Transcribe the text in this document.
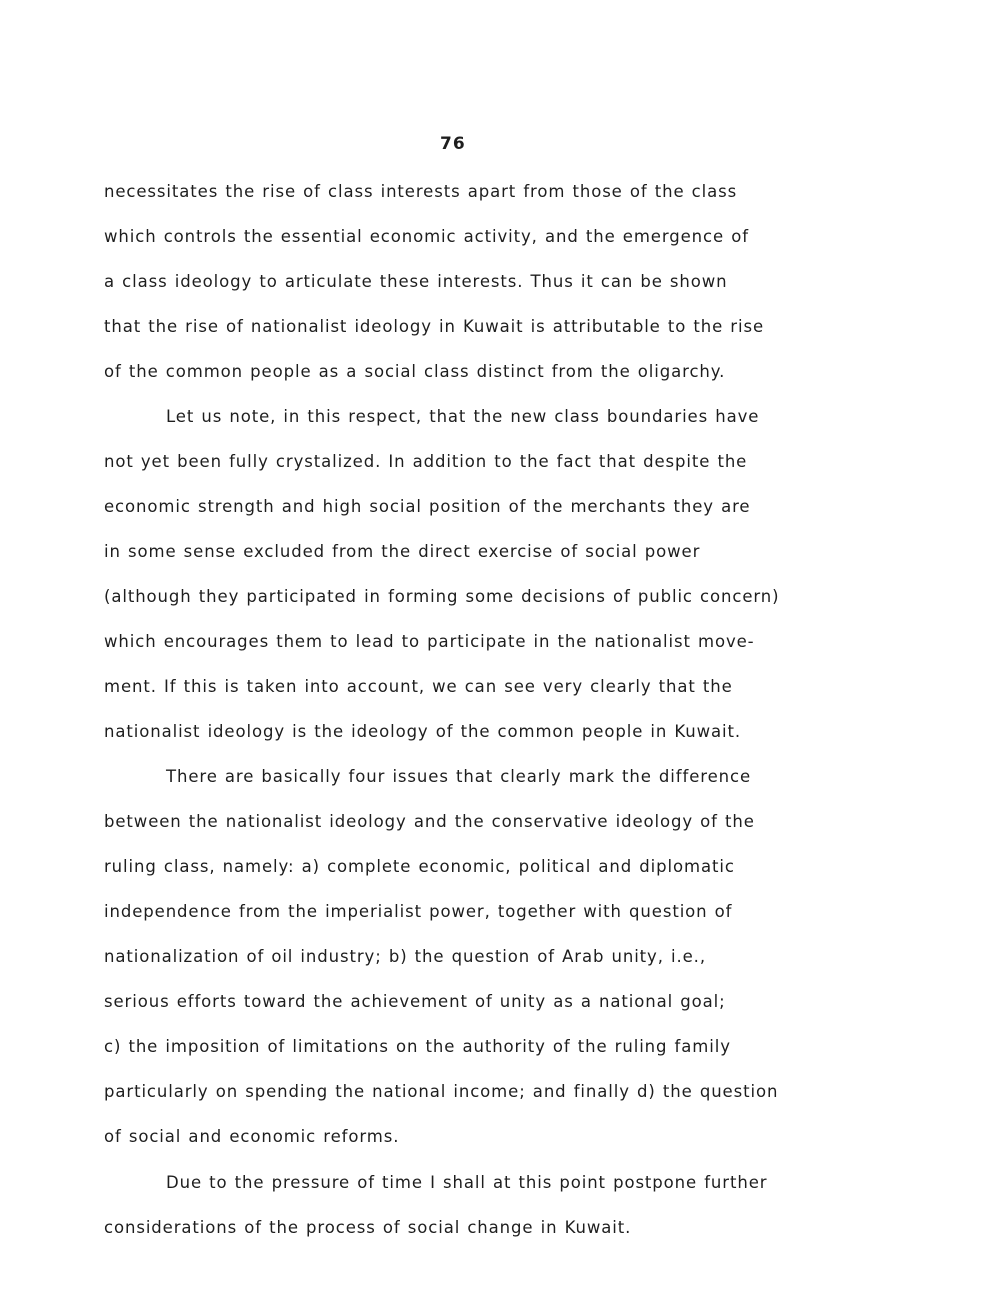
76
necessitates the rise of class interests apart from those of the class
which controls the essential economic activity, and the emergence of
a class ideology to articulate these interests. Thus it can be shown
that the rise of nationalist ideology in Kuwait is attributable to the rise
of the common people as a social class distinct from the oligarchy.
Let us note, in this respect, that the new class boundaries have
not yet been fully crystalized. In addition to the fact that despite the
economic strength and high social position of the merchants they are
in some sense excluded from the direct exercise of social power
(although they participated in forming some decisions of public concern)
which encourages them to lead to participate in the nationalist move-
ment. If this is taken into account, we can see very clearly that the
nationalist ideology is the ideology of the common people in Kuwait.
There are basically four issues that clearly mark the difference
between the nationalist ideology and the conservative ideology of the
ruling class, namely: a) complete economic, political and diplomatic
independence from the imperialist power, together with question of
nationalization of oil industry; b) the question of Arab unity, i.e.,
serious efforts toward the achievement of unity as a national goal;
c) the imposition of limitations on the authority of the ruling family
particularly on spending the national income; and finally d) the question
of social and economic reforms.
Due to the pressure of time I shall at this point postpone further
considerations of the process of social change in Kuwait.
